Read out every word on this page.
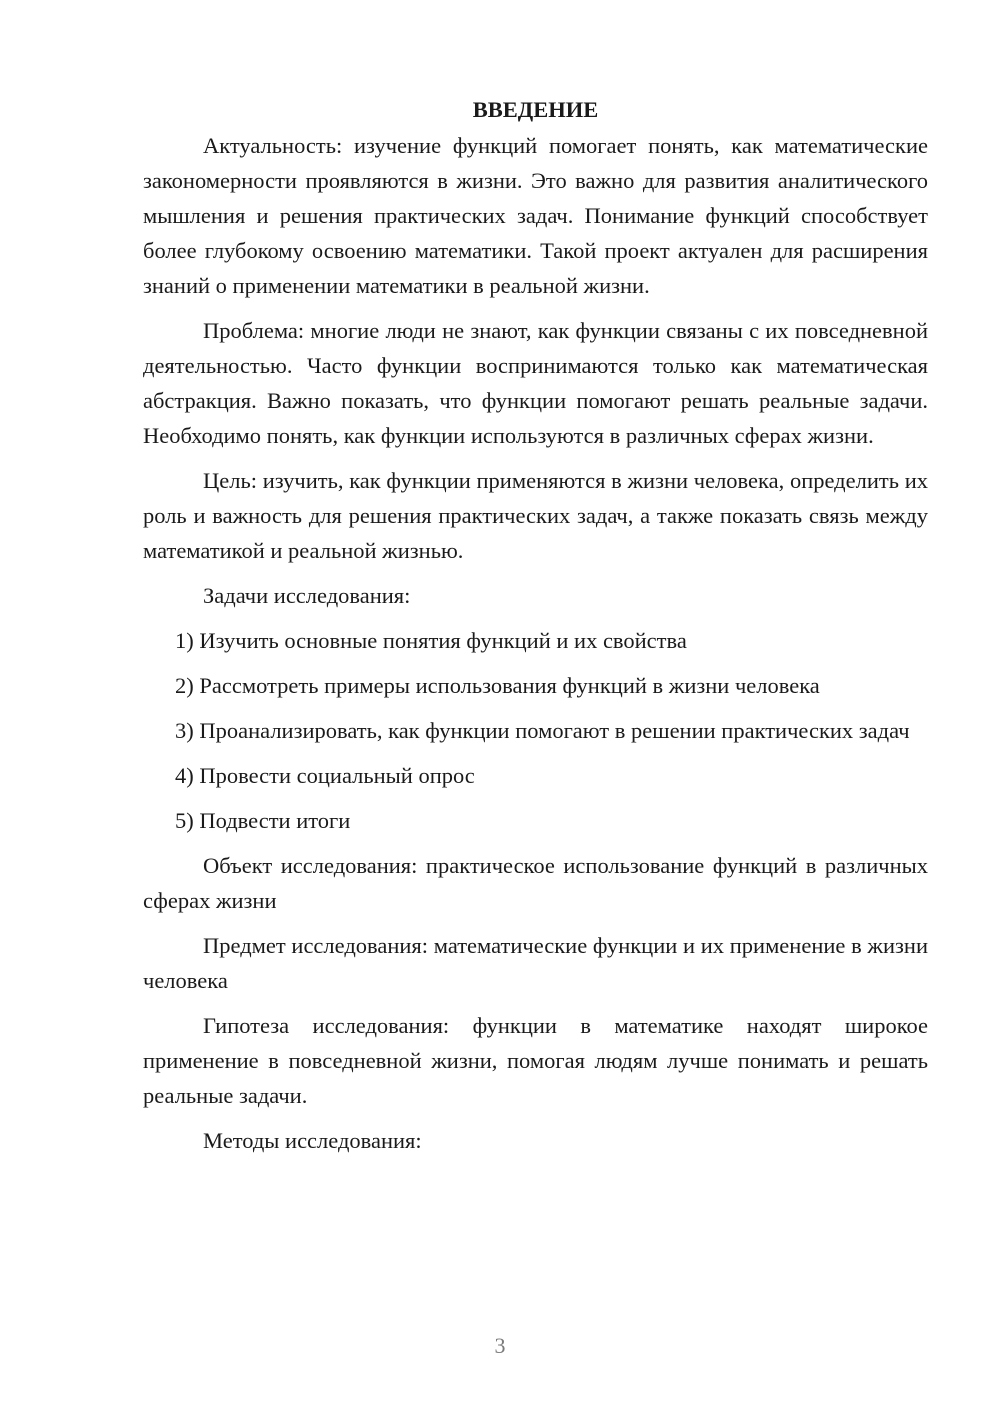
ВВЕДЕНИЕ

Актуальность: изучение функций помогает понять, как математические закономерности проявляются в жизни. Это важно для развития аналитического мышления и решения практических задач. Понимание функций способствует более глубокому освоению математики. Такой проект актуален для расширения знаний о применении математики в реальной жизни.

Проблема: многие люди не знают, как функции связаны с их повседневной деятельностью. Часто функции воспринимаются только как математическая абстракция. Важно показать, что функции помогают решать реальные задачи. Необходимо понять, как функции используются в различных сферах жизни.

Цель: изучить, как функции применяются в жизни человека, определить их роль и важность для решения практических задач, а также показать связь между математикой и реальной жизнью.

Задачи исследования:

1) Изучить основные понятия функций и их свойства

2) Рассмотреть примеры использования функций в жизни человека

3) Проанализировать, как функции помогают в решении практических задач

4) Провести социальный опрос

5) Подвести итоги

Объект исследования: практическое использование функций в различных сферах жизни

Предмет исследования: математические функции и их применение в жизни человека

Гипотеза исследования: функции в математике находят широкое применение в повседневной жизни, помогая людям лучше понимать и решать реальные задачи.

Методы исследования:

3
